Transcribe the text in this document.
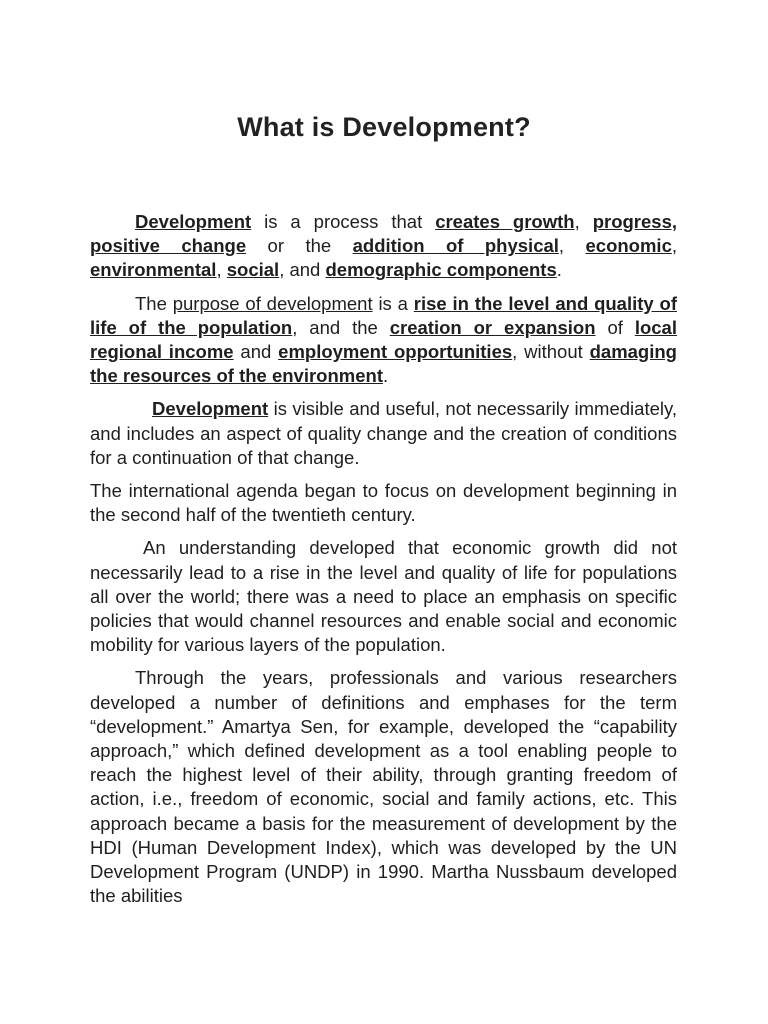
What is Development?

Development is a process that creates growth, progress, positive change or the addition of physical, economic, environmental, social, and demographic components.

The purpose of development is a rise in the level and quality of life of the population, and the creation or expansion of local regional income and employment opportunities, without damaging the resources of the environment.

Development is visible and useful, not necessarily immediately, and includes an aspect of quality change and the creation of conditions for a continuation of that change.

The international agenda began to focus on development beginning in the second half of the twentieth century.

An understanding developed that economic growth did not necessarily lead to a rise in the level and quality of life for populations all over the world; there was a need to place an emphasis on specific policies that would channel resources and enable social and economic mobility for various layers of the population.

Through the years, professionals and various researchers developed a number of definitions and emphases for the term “development.” Amartya Sen, for example, developed the “capability approach,” which defined development as a tool enabling people to reach the highest level of their ability, through granting freedom of action, i.e., freedom of economic, social and family actions, etc. This approach became a basis for the measurement of development by the HDI (Human Development Index), which was developed by the UN Development Program (UNDP) in 1990. Martha Nussbaum developed the abilities
